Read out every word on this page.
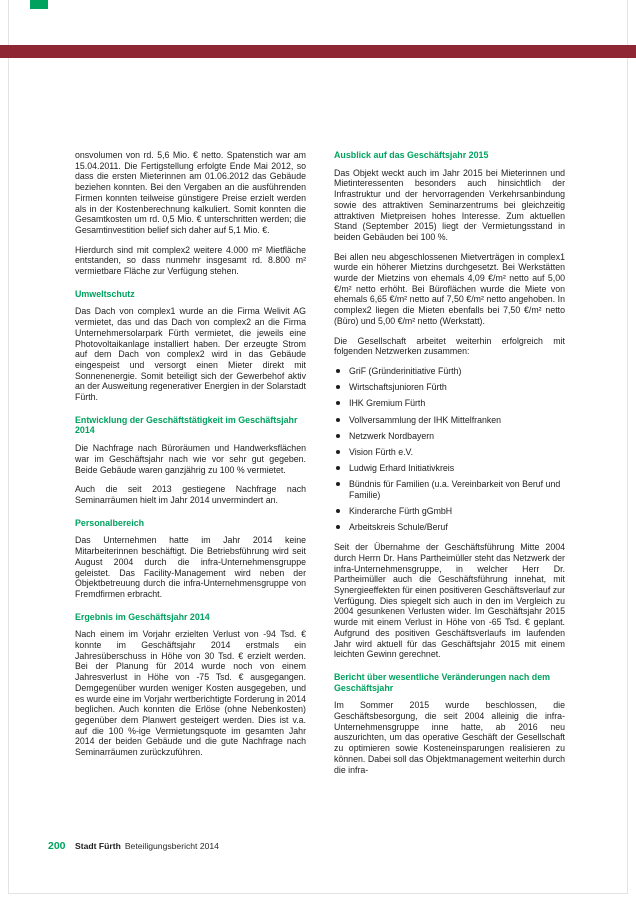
onsvolumen von rd. 5,6 Mio. € netto. Spatenstich war am 15.04.2011. Die Fertigstellung erfolgte Ende Mai 2012, so dass die ersten Mieterinnen am 01.06.2012 das Gebäude beziehen konnten. Bei den Vergaben an die ausführenden Firmen konnten teilweise günstigere Preise erzielt werden als in der Kostenberechnung kalkuliert. Somit konnten die Gesamtkosten um rd. 0,5 Mio. € unterschritten werden; die Gesamtinvestition belief sich daher auf 5,1 Mio. €.

Hierdurch sind mit complex2 weitere 4.000 m² Mietfläche entstanden, so dass nunmehr insgesamt rd. 8.800 m² vermietbare Fläche zur Verfügung stehen.

Umweltschutz

Das Dach von complex1 wurde an die Firma Welivit AG vermietet, das und das Dach von complex2 an die Firma Unternehmersolarpark Fürth vermietet, die jeweils eine Photovoltaikanlage installiert haben. Der erzeugte Strom auf dem Dach von complex2 wird in das Gebäude eingespeist und versorgt einen Mieter direkt mit Sonnenenergie. Somit beteiligt sich der Gewerbehof aktiv an der Ausweitung regenerativer Energien in der Solarstadt Fürth.

Entwicklung der Geschäftstätigkeit im Geschäftsjahr 2014

Die Nachfrage nach Büroräumen und Handwerksflächen war im Geschäftsjahr nach wie vor sehr gut gegeben. Beide Gebäude waren ganzjährig zu 100 % vermietet.

Auch die seit 2013 gestiegene Nachfrage nach Seminarräumen hielt im Jahr 2014 unvermindert an.

Personalbereich

Das Unternehmen hatte im Jahr 2014 keine Mitarbeiterinnen beschäftigt. Die Betriebsführung wird seit August 2004 durch die infra-Unternehmensgruppe geleistet. Das Facility-Management wird neben der Objektbetreuung durch die infra-Unternehmensgruppe von Fremdfirmen erbracht.

Ergebnis im Geschäftsjahr 2014

Nach einem im Vorjahr erzielten Verlust von -94 Tsd. € konnte im Geschäftsjahr 2014 erstmals ein Jahresüberschuss in Höhe von 30 Tsd. € erzielt werden. Bei der Planung für 2014 wurde noch von einem Jahresverlust in Höhe von -75 Tsd. € ausgegangen. Demgegenüber wurden weniger Kosten ausgegeben, und es wurde eine im Vorjahr wertberichtigte Forderung in 2014 beglichen. Auch konnten die Erlöse (ohne Nebenkosten) gegenüber dem Planwert gesteigert werden. Dies ist v.a. auf die 100 %-ige Vermietungsquote im gesamten Jahr 2014 der beiden Gebäude und die gute Nachfrage nach Seminarräumen zurückzuführen.

Ausblick auf das Geschäftsjahr 2015

Das Objekt weckt auch im Jahr 2015 bei Mieterinnen und Mietinteressenten besonders auch hinsichtlich der Infrastruktur und der hervorragenden Verkehrsanbindung sowie des attraktiven Seminarzentrums bei gleichzeitig attraktiven Mietpreisen hohes Interesse. Zum aktuellen Stand (September 2015) liegt der Vermietungsstand in beiden Gebäuden bei 100 %.

Bei allen neu abgeschlossenen Mietverträgen in complex1 wurde ein höherer Mietzins durchgesetzt. Bei Werkstätten wurde der Mietzins von ehemals 4,09 €/m² netto auf 5,00 €/m² netto erhöht. Bei Büroflächen wurde die Miete von ehemals 6,65 €/m² netto auf 7,50 €/m² netto angehoben. In complex2 liegen die Mieten ebenfalls bei 7,50 €/m² netto (Büro) und 5,00 €/m² netto (Werkstatt).

Die Gesellschaft arbeitet weiterhin erfolgreich mit folgenden Netzwerken zusammen:

GriF (Gründerinitiative Fürth)
Wirtschaftsjunioren Fürth
IHK Gremium Fürth
Vollversammlung der IHK Mittelfranken
Netzwerk Nordbayern
Vision Fürth e.V.
Ludwig Erhard Initiativkreis
Bündnis für Familien (u.a. Vereinbarkeit von Beruf und Familie)
Kinderarche Fürth gGmbH
Arbeitskreis Schule/Beruf

Seit der Übernahme der Geschäftsführung Mitte 2004 durch Herrn Dr. Hans Partheimüller steht das Netzwerk der infra-Unternehmensgruppe, in welcher Herr Dr. Partheimüller auch die Geschäftsführung innehat, mit Synergieeffekten für einen positiveren Geschäftsverlauf zur Verfügung. Dies spiegelt sich auch in den im Vergleich zu 2004 gesunkenen Verlusten wider. Im Geschäftsjahr 2015 wurde mit einem Verlust in Höhe von -65 Tsd. € geplant. Aufgrund des positiven Geschäftsverlaufs im laufenden Jahr wird aktuell für das Geschäftsjahr 2015 mit einem leichten Gewinn gerechnet.

Bericht über wesentliche Veränderungen nach dem Geschäftsjahr

Im Sommer 2015 wurde beschlossen, die Geschäftsbesorgung, die seit 2004 alleinig die infra-Unternehmensgruppe inne hatte, ab 2016 neu auszurichten, um das operative Geschäft der Gesellschaft zu optimieren sowie Kosteneinsparungen realisieren zu können. Dabei soll das Objektmanagement weiterhin durch die infra-

200	Stadt Fürth Beteiligungsbericht 2014
